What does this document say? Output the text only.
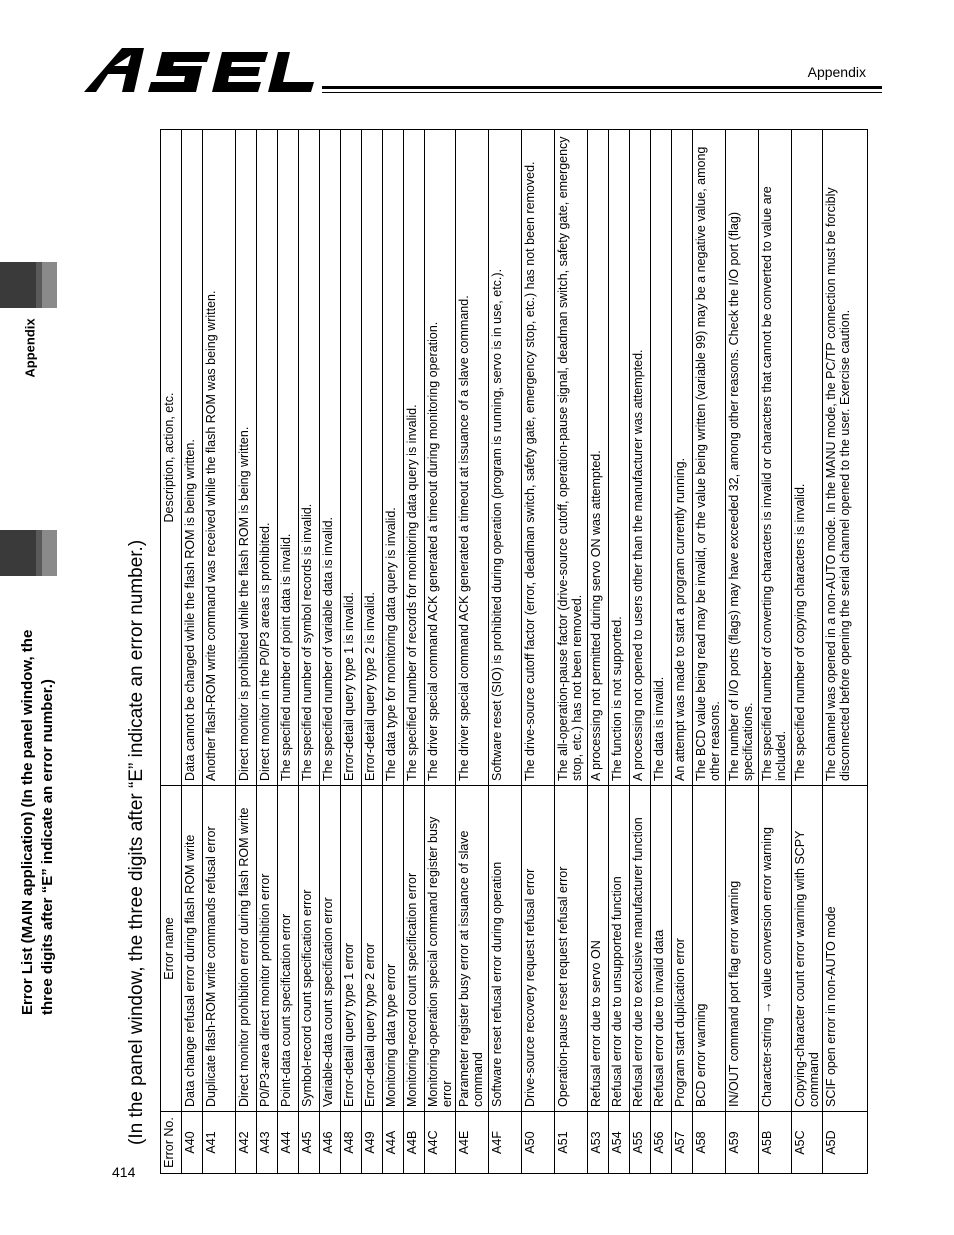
Appendix
Appendix
Error List (MAIN application) (In the panel window, the three digits after “E” indicate an error number.)	(In the panel window, the three digits after “E” indicate an error number.)
414
Error No.	Error name	Description, action, etc.
A40	Data change refusal error during flash ROM write	Data cannot be changed while the flash ROM is being written.
A41	Duplicate flash-ROM write commands refusal error	Another flash-ROM write command was received while the flash ROM was being written.
A42	Direct monitor prohibition error during flash ROM write	Direct monitor is prohibited while the flash ROM is being written.
A43	P0/P3-area direct monitor prohibition error	Direct monitor in the P0/P3 areas is prohibited.
A44	Point-data count specification error	The specified number of point data is invalid.
A45	Symbol-record count specification error	The specified number of symbol records is invalid.
A46	Variable-data count specification error	The specified number of variable data is invalid.
A48	Error-detail query type 1 error	Error-detail query type 1 is invalid.
A49	Error-detail query type 2 error	Error-detail query type 2 is invalid.
A4A	Monitoring data type error	The data type for monitoring data query is invalid.
A4B	Monitoring-record count specification error	The specified number of records for monitoring data query is invalid.
A4C	Monitoring-operation special command register busy error	The driver special command ACK generated a timeout during monitoring operation.
A4E	Parameter register busy error at issuance of slave command	The driver special command ACK generated a timeout at issuance of a slave command.
A4F	Software reset refusal error during operation	Software reset (SIO) is prohibited during operation (program is running, servo is in use, etc.).
A50	Drive-source recovery request refusal error	The drive-source cutoff factor (error, deadman switch, safety gate, emergency stop, etc.) has not been removed.
A51	Operation-pause reset request refusal error	The all-operation-pause factor (drive-source cutoff, operation-pause signal, deadman switch, safety gate, emergency stop, etc.) has not been removed.
A53	Refusal error due to servo ON	A processing not permitted during servo ON was attempted.
A54	Refusal error due to unsupported function	The function is not supported.
A55	Refusal error due to exclusive manufacturer function	A processing not opened to users other than the manufacturer was attempted.
A56	Refusal error due to invalid data	The data is invalid.
A57	Program start duplication error	An attempt was made to start a program currently running.
A58	BCD error warning	The BCD value being read may be invalid, or the value being written (variable 99) may be a negative value, among other reasons.
A59	IN/OUT command port flag error warning	The number of I/O ports (flags) may have exceeded 32, among other reasons. Check the I/O port (flag) specifications.
A5B	Character-string → value conversion error warning	The specified number of converting characters is invalid or characters that cannot be converted to value are included.
A5C	Copying-character count error warning with SCPY command	The specified number of copying characters is invalid.
A5D	SCIF open error in non-AUTO mode	The channel was opened in a non-AUTO mode. In the MANU mode, the PC/TP connection must be forcibly disconnected before opening the serial channel opened to the user. Exercise caution.
